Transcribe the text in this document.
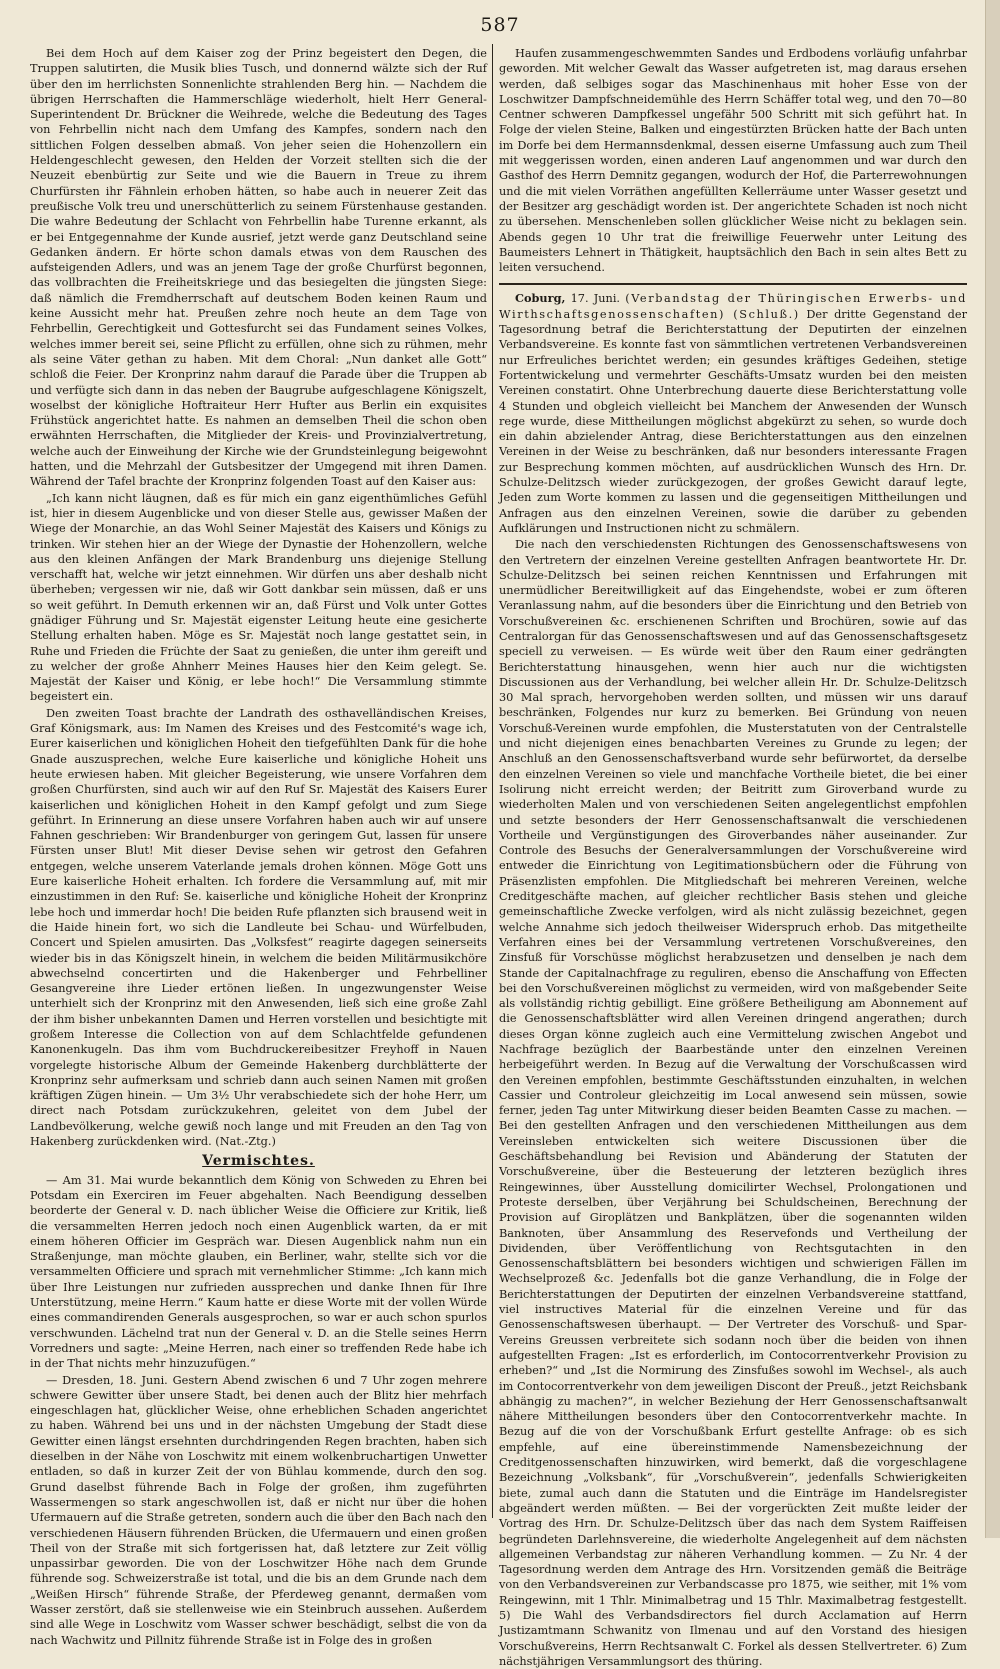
587

Bei dem Hoch auf dem Kaiser zog der Prinz begeistert den Degen, die Truppen salutirten, die Musik blies Tusch, und donnernd wälzte sich der Ruf über den im herrlichsten Sonnenlichte strahlenden Berg hin. — Nachdem die übrigen Herrschaften die Hammerschläge wiederholt, hielt Herr General-Superintendent Dr. Brückner die Weihrede, welche die Bedeutung des Tages von Fehrbellin nicht nach dem Umfang des Kampfes, sondern nach den sittlichen Folgen desselben abmaß. Von jeher seien die Hohenzollern ein Heldengeschlecht gewesen, den Helden der Vorzeit stellten sich die der Neuzeit ebenbürtig zur Seite und wie die Bauern in Treue zu ihrem Churfürsten ihr Fähnlein erhoben hätten, so habe auch in neuerer Zeit das preußische Volk treu und unerschütterlich zu seinem Fürstenhause gestanden. Die wahre Bedeutung der Schlacht von Fehrbellin habe Turenne erkannt, als er bei Entgegennahme der Kunde ausrief, jetzt werde ganz Deutschland seine Gedanken ändern. Er hörte schon damals etwas von dem Rauschen des aufsteigenden Adlers, und was an jenem Tage der große Churfürst begonnen, das vollbrachten die Freiheitskriege und das besiegelten die jüngsten Siege: daß nämlich die Fremdherrschaft auf deutschem Boden keinen Raum und keine Aussicht mehr hat. Preußen zehre noch heute an dem Tage von Fehrbellin, Gerechtigkeit und Gottesfurcht sei das Fundament seines Volkes, welches immer bereit sei, seine Pflicht zu erfüllen, ohne sich zu rühmen, mehr als seine Väter gethan zu haben. Mit dem Choral: „Nun danket alle Gott“ schloß die Feier. Der Kronprinz nahm darauf die Parade über die Truppen ab und verfügte sich dann in das neben der Baugrube aufgeschlagene Königszelt, woselbst der königliche Hoftraiteur Herr Hufter aus Berlin ein exquisites Frühstück angerichtet hatte. Es nahmen an demselben Theil die schon oben erwähnten Herrschaften, die Mitglieder der Kreis- und Provinzialvertretung, welche auch der Einweihung der Kirche wie der Grundsteinlegung beigewohnt hatten, und die Mehrzahl der Gutsbesitzer der Umgegend mit ihren Damen. Während der Tafel brachte der Kronprinz folgenden Toast auf den Kaiser aus:

„Ich kann nicht läugnen, daß es für mich ein ganz eigenthümliches Gefühl ist, hier in diesem Augenblicke und von dieser Stelle aus, gewisser Maßen der Wiege der Monarchie, an das Wohl Seiner Majestät des Kaisers und Königs zu trinken. Wir stehen hier an der Wiege der Dynastie der Hohenzollern, welche aus den kleinen Anfängen der Mark Brandenburg uns diejenige Stellung verschafft hat, welche wir jetzt einnehmen. Wir dürfen uns aber deshalb nicht überheben; vergessen wir nie, daß wir Gott dankbar sein müssen, daß er uns so weit geführt. In Demuth erkennen wir an, daß Fürst und Volk unter Gottes gnädiger Führung und Sr. Majestät eigenster Leitung heute eine gesicherte Stellung erhalten haben. Möge es Sr. Majestät noch lange gestattet sein, in Ruhe und Frieden die Früchte der Saat zu genießen, die unter ihm gereift und zu welcher der große Ahnherr Meines Hauses hier den Keim gelegt. Se. Majestät der Kaiser und König, er lebe hoch!“ Die Versammlung stimmte begeistert ein.

Den zweiten Toast brachte der Landrath des osthavelländischen Kreises, Graf Königsmark, aus: Im Namen des Kreises und des Festcomité's wage ich, Eurer kaiserlichen und königlichen Hoheit den tiefgefühlten Dank für die hohe Gnade auszusprechen, welche Eure kaiserliche und königliche Hoheit uns heute erwiesen haben. Mit gleicher Begeisterung, wie unsere Vorfahren dem großen Churfürsten, sind auch wir auf den Ruf Sr. Majestät des Kaisers Eurer kaiserlichen und königlichen Hoheit in den Kampf gefolgt und zum Siege geführt. In Erinnerung an diese unsere Vorfahren haben auch wir auf unsere Fahnen geschrieben: Wir Brandenburger von geringem Gut, lassen für unsere Fürsten unser Blut! Mit dieser Devise sehen wir getrost den Gefahren entgegen, welche unserem Vaterlande jemals drohen können. Möge Gott uns Eure kaiserliche Hoheit erhalten. Ich fordere die Versammlung auf, mit mir einzustimmen in den Ruf: Se. kaiserliche und königliche Hoheit der Kronprinz lebe hoch und immerdar hoch! Die beiden Rufe pflanzten sich brausend weit in die Haide hinein fort, wo sich die Landleute bei Schau- und Würfelbuden, Concert und Spielen amusirten. Das „Volksfest“ reagirte dagegen seinerseits wieder bis in das Königszelt hinein, in welchem die beiden Militärmusikchöre abwechselnd concertirten und die Hakenberger und Fehrbelliner Gesangvereine ihre Lieder ertönen ließen. In ungezwungenster Weise unterhielt sich der Kronprinz mit den Anwesenden, ließ sich eine große Zahl der ihm bisher unbekannten Damen und Herren vorstellen und besichtigte mit großem Interesse die Collection von auf dem Schlachtfelde gefundenen Kanonenkugeln. Das ihm vom Buchdruckereibesitzer Freyhoff in Nauen vorgelegte historische Album der Gemeinde Hakenberg durchblätterte der Kronprinz sehr aufmerksam und schrieb dann auch seinen Namen mit großen kräftigen Zügen hinein. — Um 3½ Uhr verabschiedete sich der hohe Herr, um direct nach Potsdam zurückzukehren, geleitet von dem Jubel der Landbevölkerung, welche gewiß noch lange und mit Freuden an den Tag von Hakenberg zurückdenken wird. (Nat.-Ztg.)

Vermischtes.

— Am 31. Mai wurde bekanntlich dem König von Schweden zu Ehren bei Potsdam ein Exerciren im Feuer abgehalten. Nach Beendigung desselben beorderte der General v. D. nach üblicher Weise die Officiere zur Kritik, ließ die versammelten Herren jedoch noch einen Augenblick warten, da er mit einem höheren Officier im Gespräch war. Diesen Augenblick nahm nun ein Straßenjunge, man möchte glauben, ein Berliner, wahr, stellte sich vor die versammelten Officiere und sprach mit vernehmlicher Stimme: „Ich kann mich über Ihre Leistungen nur zufrieden aussprechen und danke Ihnen für Ihre Unterstützung, meine Herrn.“ Kaum hatte er diese Worte mit der vollen Würde eines commandirenden Generals ausgesprochen, so war er auch schon spurlos verschwunden. Lächelnd trat nun der General v. D. an die Stelle seines Herrn Vorredners und sagte: „Meine Herren, nach einer so treffenden Rede habe ich in der That nichts mehr hinzuzufügen.“

— Dresden, 18. Juni. Gestern Abend zwischen 6 und 7 Uhr zogen mehrere schwere Gewitter über unsere Stadt, bei denen auch der Blitz hier mehrfach eingeschlagen hat, glücklicher Weise, ohne erheblichen Schaden angerichtet zu haben. Während bei uns und in der nächsten Umgebung der Stadt diese Gewitter einen längst ersehnten durchdringenden Regen brachten, haben sich dieselben in der Nähe von Loschwitz mit einem wolkenbruchartigen Unwetter entladen, so daß in kurzer Zeit der von Bühlau kommende, durch den sog. Grund daselbst führende Bach in Folge der großen, ihm zugeführten Wassermengen so stark angeschwollen ist, daß er nicht nur über die hohen Ufermauern auf die Straße getreten, sondern auch die über den Bach nach den verschiedenen Häusern führenden Brücken, die Ufermauern und einen großen Theil von der Straße mit sich fortgerissen hat, daß letztere zur Zeit völlig unpassirbar geworden. Die von der Loschwitzer Höhe nach dem Grunde führende sog. Schweizerstraße ist total, und die bis an dem Grunde nach dem „Weißen Hirsch“ führende Straße, der Pferdeweg genannt, dermaßen vom Wasser zerstört, daß sie stellenweise wie ein Steinbruch aussehen. Außerdem sind alle Wege in Loschwitz vom Wasser schwer beschädigt, selbst die von da nach Wachwitz und Pillnitz führende Straße ist in Folge des in großen

Haufen zusammengeschwemmten Sandes und Erdbodens vorläufig unfahrbar geworden. Mit welcher Gewalt das Wasser aufgetreten ist, mag daraus ersehen werden, daß selbiges sogar das Maschinenhaus mit hoher Esse von der Loschwitzer Dampfschneidemühle des Herrn Schäffer total weg, und den 70—80 Centner schweren Dampfkessel ungefähr 500 Schritt mit sich geführt hat. In Folge der vielen Steine, Balken und eingestürzten Brücken hatte der Bach unten im Dorfe bei dem Hermannsdenkmal, dessen eiserne Umfassung auch zum Theil mit weggerissen worden, einen anderen Lauf angenommen und war durch den Gasthof des Herrn Demnitz gegangen, wodurch der Hof, die Parterrewohnungen und die mit vielen Vorräthen angefüllten Kellerräume unter Wasser gesetzt und der Besitzer arg geschädigt worden ist. Der angerichtete Schaden ist noch nicht zu übersehen. Menschenleben sollen glücklicher Weise nicht zu beklagen sein. Abends gegen 10 Uhr trat die freiwillige Feuerwehr unter Leitung des Baumeisters Lehnert in Thätigkeit, hauptsächlich den Bach in sein altes Bett zu leiten versuchend.

Coburg, 17. Juni. (Verbandstag der Thüringischen Erwerbs- und Wirthschaftsgenossenschaften) (Schluß.) Der dritte Gegenstand der Tagesordnung betraf die Berichterstattung der Deputirten der einzelnen Verbandsvereine. Es konnte fast von sämmtlichen vertretenen Verbandsvereinen nur Erfreuliches berichtet werden; ein gesundes kräftiges Gedeihen, stetige Fortentwickelung und vermehrter Geschäfts-Umsatz wurden bei den meisten Vereinen constatirt. Ohne Unterbrechung dauerte diese Berichterstattung volle 4 Stunden und obgleich vielleicht bei Manchem der Anwesenden der Wunsch rege wurde, diese Mittheilungen möglichst abgekürzt zu sehen, so wurde doch ein dahin abzielender Antrag, diese Berichterstattungen aus den einzelnen Vereinen in der Weise zu beschränken, daß nur besonders interessante Fragen zur Besprechung kommen möchten, auf ausdrücklichen Wunsch des Hrn. Dr. Schulze-Delitzsch wieder zurückgezogen, der großes Gewicht darauf legte, Jeden zum Worte kommen zu lassen und die gegenseitigen Mittheilungen und Anfragen aus den einzelnen Vereinen, sowie die darüber zu gebenden Aufklärungen und Instructionen nicht zu schmälern.

Die nach den verschiedensten Richtungen des Genossenschaftswesens von den Vertretern der einzelnen Vereine gestellten Anfragen beantwortete Hr. Dr. Schulze-Delitzsch bei seinen reichen Kenntnissen und Erfahrungen mit unermüdlicher Bereitwilligkeit auf das Eingehendste, wobei er zum öfteren Veranlassung nahm, auf die besonders über die Einrichtung und den Betrieb von Vorschußvereinen &c. erschienenen Schriften und Brochüren, sowie auf das Centralorgan für das Genossenschaftswesen und auf das Genossenschaftsgesetz speciell zu verweisen. — Es würde weit über den Raum einer gedrängten Berichterstattung hinausgehen, wenn hier auch nur die wichtigsten Discussionen aus der Verhandlung, bei welcher allein Hr. Dr. Schulze-Delitzsch 30 Mal sprach, hervorgehoben werden sollten, und müssen wir uns darauf beschränken, Folgendes nur kurz zu bemerken. Bei Gründung von neuen Vorschuß-Vereinen wurde empfohlen, die Musterstatuten von der Centralstelle und nicht diejenigen eines benachbarten Vereines zu Grunde zu legen; der Anschluß an den Genossenschaftsverband wurde sehr befürwortet, da derselbe den einzelnen Vereinen so viele und manchfache Vortheile bietet, die bei einer Isolirung nicht erreicht werden; der Beitritt zum Giroverband wurde zu wiederholten Malen und von verschiedenen Seiten angelegentlichst empfohlen und setzte besonders der Herr Genossenschaftsanwalt die verschiedenen Vortheile und Vergünstigungen des Giroverbandes näher auseinander. Zur Controle des Besuchs der Generalversammlungen der Vorschußvereine wird entweder die Einrichtung von Legitimationsbüchern oder die Führung von Präsenzlisten empfohlen. Die Mitgliedschaft bei mehreren Vereinen, welche Creditgeschäfte machen, auf gleicher rechtlicher Basis stehen und gleiche gemeinschaftliche Zwecke verfolgen, wird als nicht zulässig bezeichnet, gegen welche Annahme sich jedoch theilweiser Widerspruch erhob. Das mitgetheilte Verfahren eines bei der Versammlung vertretenen Vorschußvereines, den Zinsfuß für Vorschüsse möglichst herabzusetzen und denselben je nach dem Stande der Capitalnachfrage zu reguliren, ebenso die Anschaffung von Effecten bei den Vorschußvereinen möglichst zu vermeiden, wird von maßgebender Seite als vollständig richtig gebilligt. Eine größere Betheiligung am Abonnement auf die Genossenschaftsblätter wird allen Vereinen dringend angerathen; durch dieses Organ könne zugleich auch eine Vermittelung zwischen Angebot und Nachfrage bezüglich der Baarbestände unter den einzelnen Vereinen herbeigeführt werden. In Bezug auf die Verwaltung der Vorschußcassen wird den Vereinen empfohlen, bestimmte Geschäftsstunden einzuhalten, in welchen Cassier und Controleur gleichzeitig im Local anwesend sein müssen, sowie ferner, jeden Tag unter Mitwirkung dieser beiden Beamten Casse zu machen. — Bei den gestellten Anfragen und den verschiedenen Mittheilungen aus dem Vereinsleben entwickelten sich weitere Discussionen über die Geschäftsbehandlung bei Revision und Abänderung der Statuten der Vorschußvereine, über die Besteuerung der letzteren bezüglich ihres Reingewinnes, über Ausstellung domicilirter Wechsel, Prolongationen und Proteste derselben, über Verjährung bei Schuldscheinen, Berechnung der Provision auf Giroplätzen und Bankplätzen, über die sogenannten wilden Banknoten, über Ansammlung des Reservefonds und Vertheilung der Dividenden, über Veröffentlichung von Rechtsgutachten in den Genossenschaftsblättern bei besonders wichtigen und schwierigen Fällen im Wechselprozeß &c. Jedenfalls bot die ganze Verhandlung, die in Folge der Berichterstattungen der Deputirten der einzelnen Verbandsvereine stattfand, viel instructives Material für die einzelnen Vereine und für das Genossenschaftswesen überhaupt. — Der Vertreter des Vorschuß- und Spar-Vereins Greussen verbreitete sich sodann noch über die beiden von ihnen aufgestellten Fragen: „Ist es erforderlich, im Contocorrentverkehr Provision zu erheben?“ und „Ist die Normirung des Zinsfußes sowohl im Wechsel-, als auch im Contocorrentverkehr von dem jeweiligen Discont der Preuß., jetzt Reichsbank abhängig zu machen?“, in welcher Beziehung der Herr Genossenschaftsanwalt nähere Mittheilungen besonders über den Contocorrentverkehr machte. In Bezug auf die von der Vorschußbank Erfurt gestellte Anfrage: ob es sich empfehle, auf eine übereinstimmende Namensbezeichnung der Creditgenossenschaften hinzuwirken, wird bemerkt, daß die vorgeschlagene Bezeichnung „Volksbank“, für „Vorschußverein“, jedenfalls Schwierigkeiten biete, zumal auch dann die Statuten und die Einträge im Handelsregister abgeändert werden müßten. — Bei der vorgerückten Zeit mußte leider der Vortrag des Hrn. Dr. Schulze-Delitzsch über das nach dem System Raiffeisen begründeten Darlehnsvereine, die wiederholte Angelegenheit auf dem nächsten allgemeinen Verbandstag zur näheren Verhandlung kommen. — Zu Nr. 4 der Tagesordnung werden dem Antrage des Hrn. Vorsitzenden gemäß die Beiträge von den Verbandsvereinen zur Verbandscasse pro 1875, wie seither, mit 1% vom Reingewinn, mit 1 Thlr. Minimalbetrag und 15 Thlr. Maximalbetrag festgestellt. 5) Die Wahl des Verbandsdirectors fiel durch Acclamation auf Herrn Justizamtmann Schwanitz von Ilmenau und auf den Vorstand des hiesigen Vorschußvereins, Herrn Rechtsanwalt C. Forkel als dessen Stellvertreter. 6) Zum nächstjährigen Versammlungsort des thüring.
